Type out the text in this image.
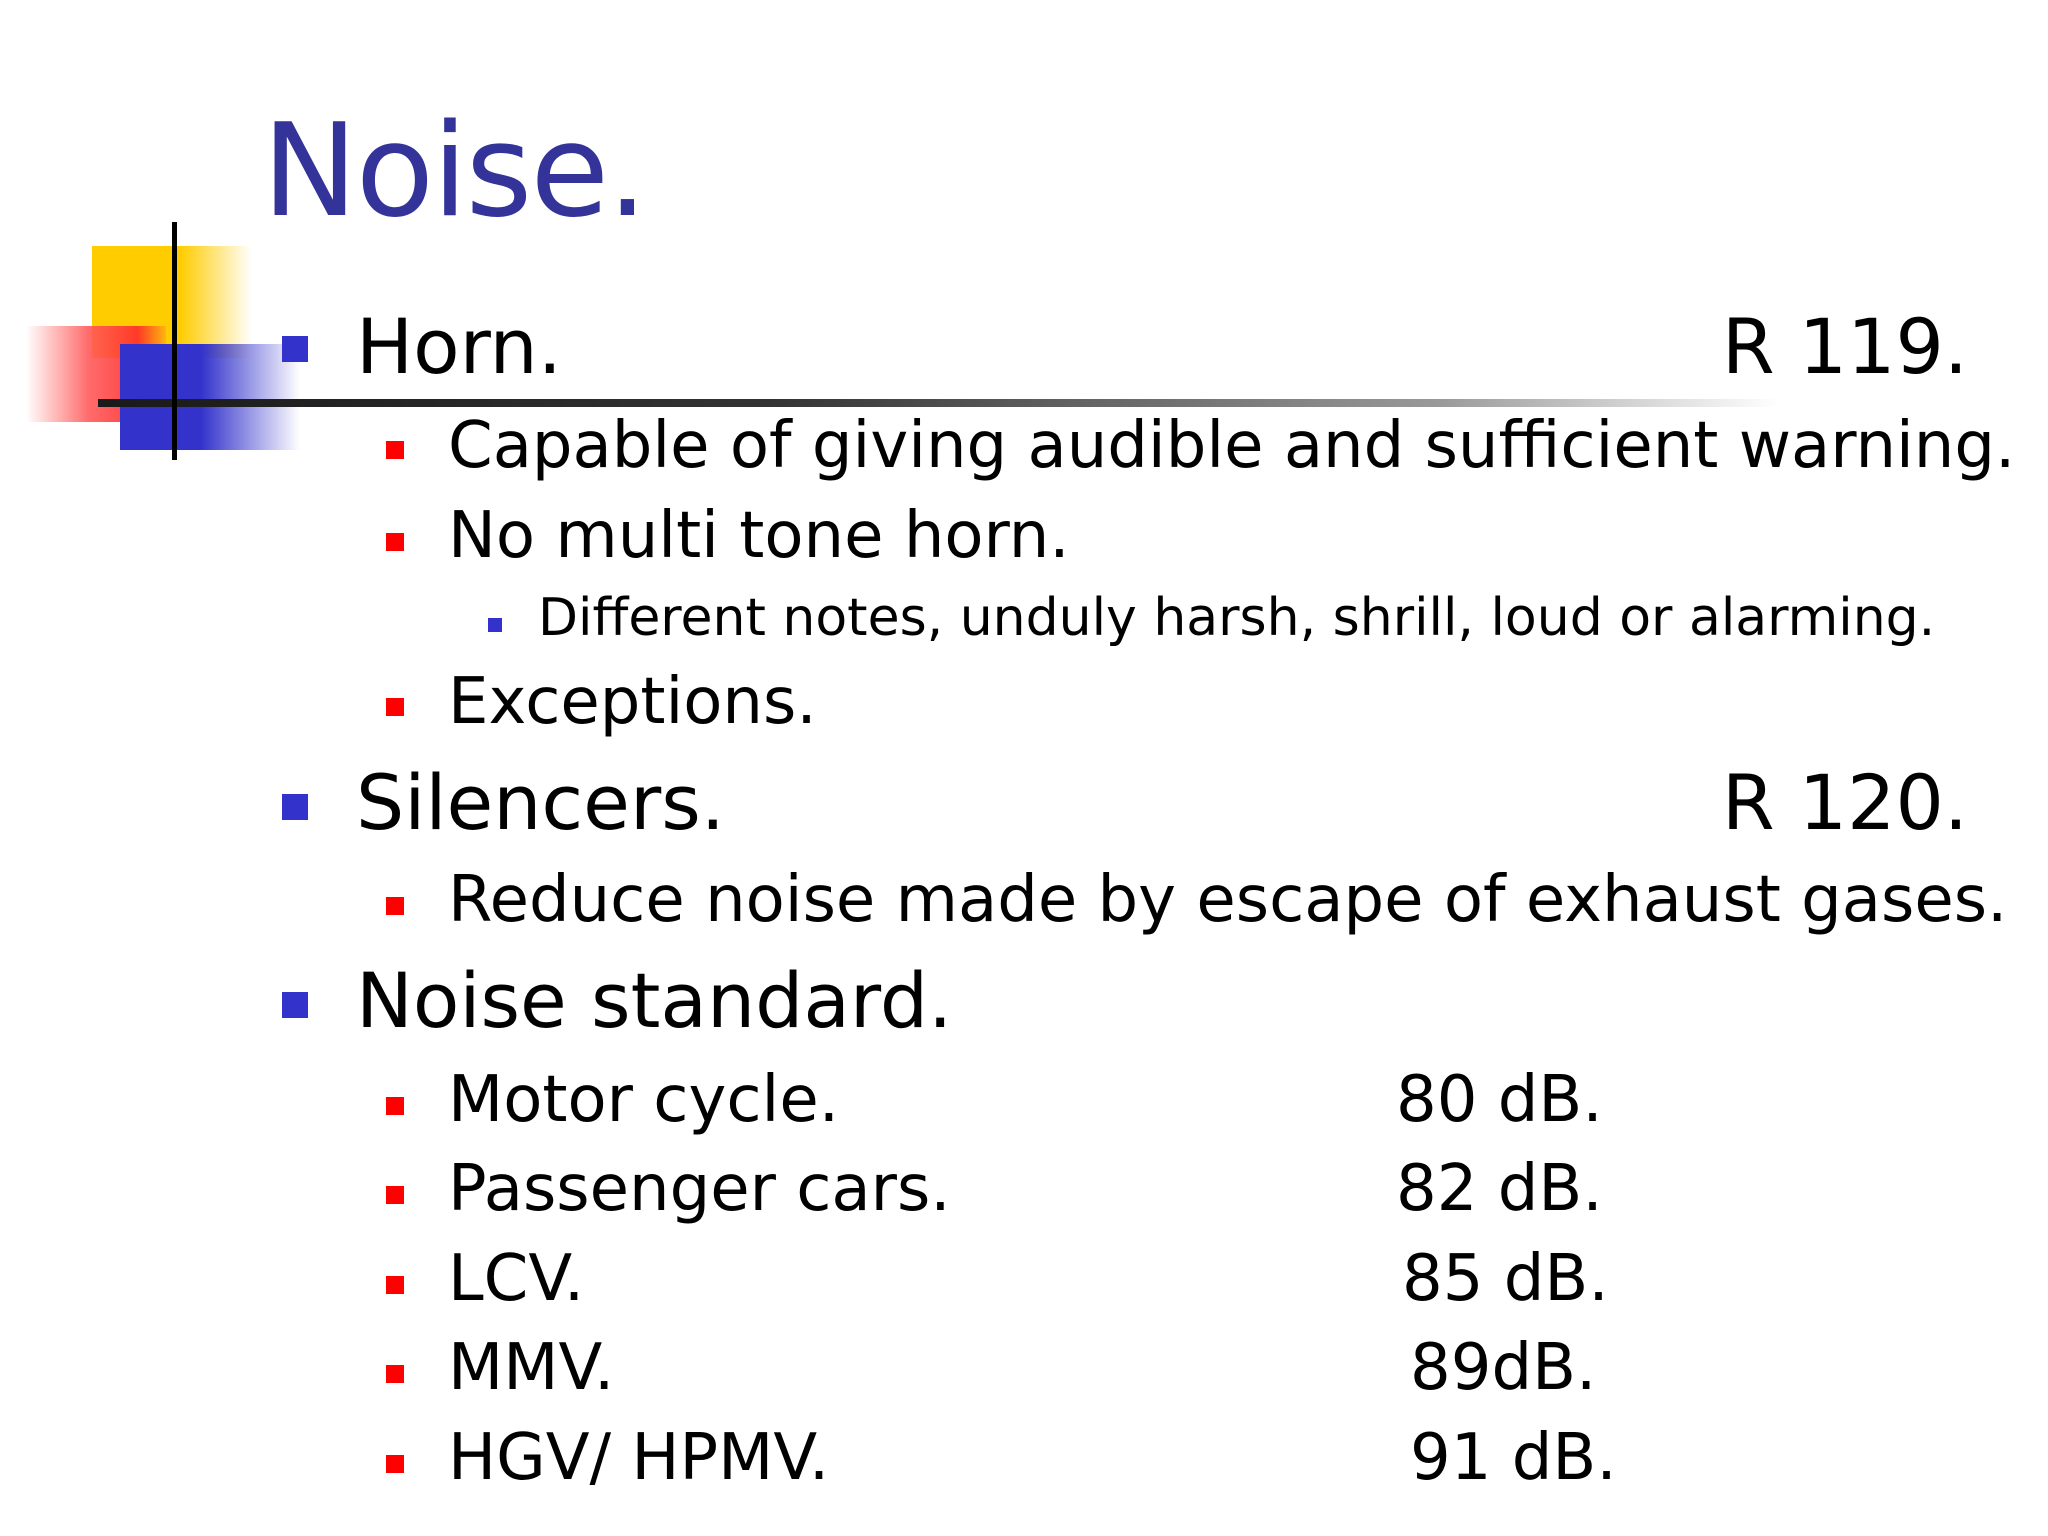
Noise.
Horn.	R 119.
Capable of giving audible and sufficient warning.
No multi tone horn.
Different notes, unduly harsh, shrill, loud or alarming.
Exceptions.
Silencers.	R 120.
Reduce noise made by escape of exhaust gases.
Noise standard.
Motor cycle.	80 dB.
Passenger cars.	82 dB.
LCV.	85 dB.
MMV.	89dB.
HGV/ HPMV.	91 dB.
